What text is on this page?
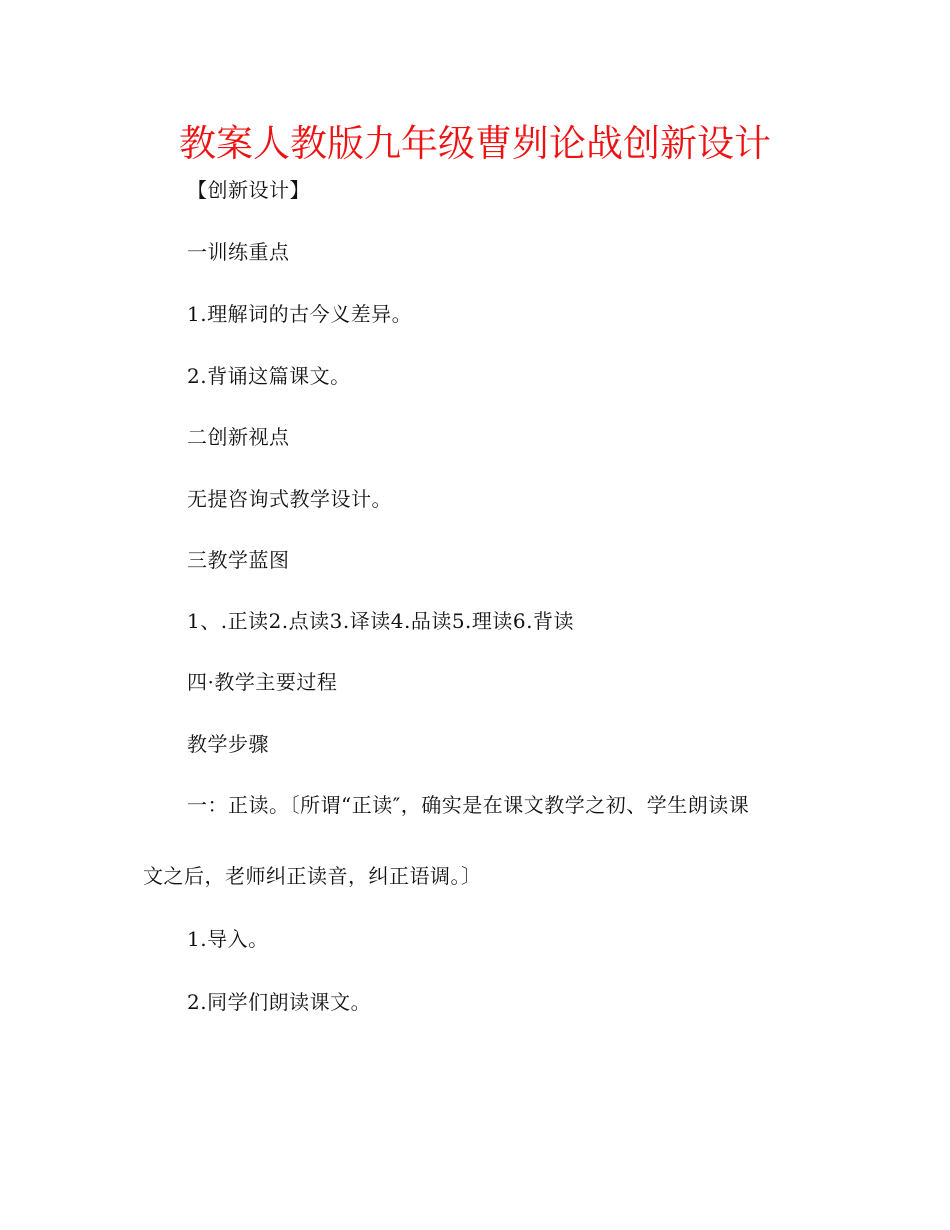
教案人教版九年级曹刿论战创新设计
【创新设计】
一训练重点
1.理解词的古今义差异。
2.背诵这篇课文。
二创新视点
无提咨询式教学设计。
三教学蓝图
1、.正读2.点读3.译读4.品读5.理读6.背读
四·教学主要过程
教学步骤
一：正读。〔所谓“正读″，确实是在课文教学之初、学生朗读课
文之后，老师纠正读音，纠正语调。〕
1.导入。
2.同学们朗读课文。
